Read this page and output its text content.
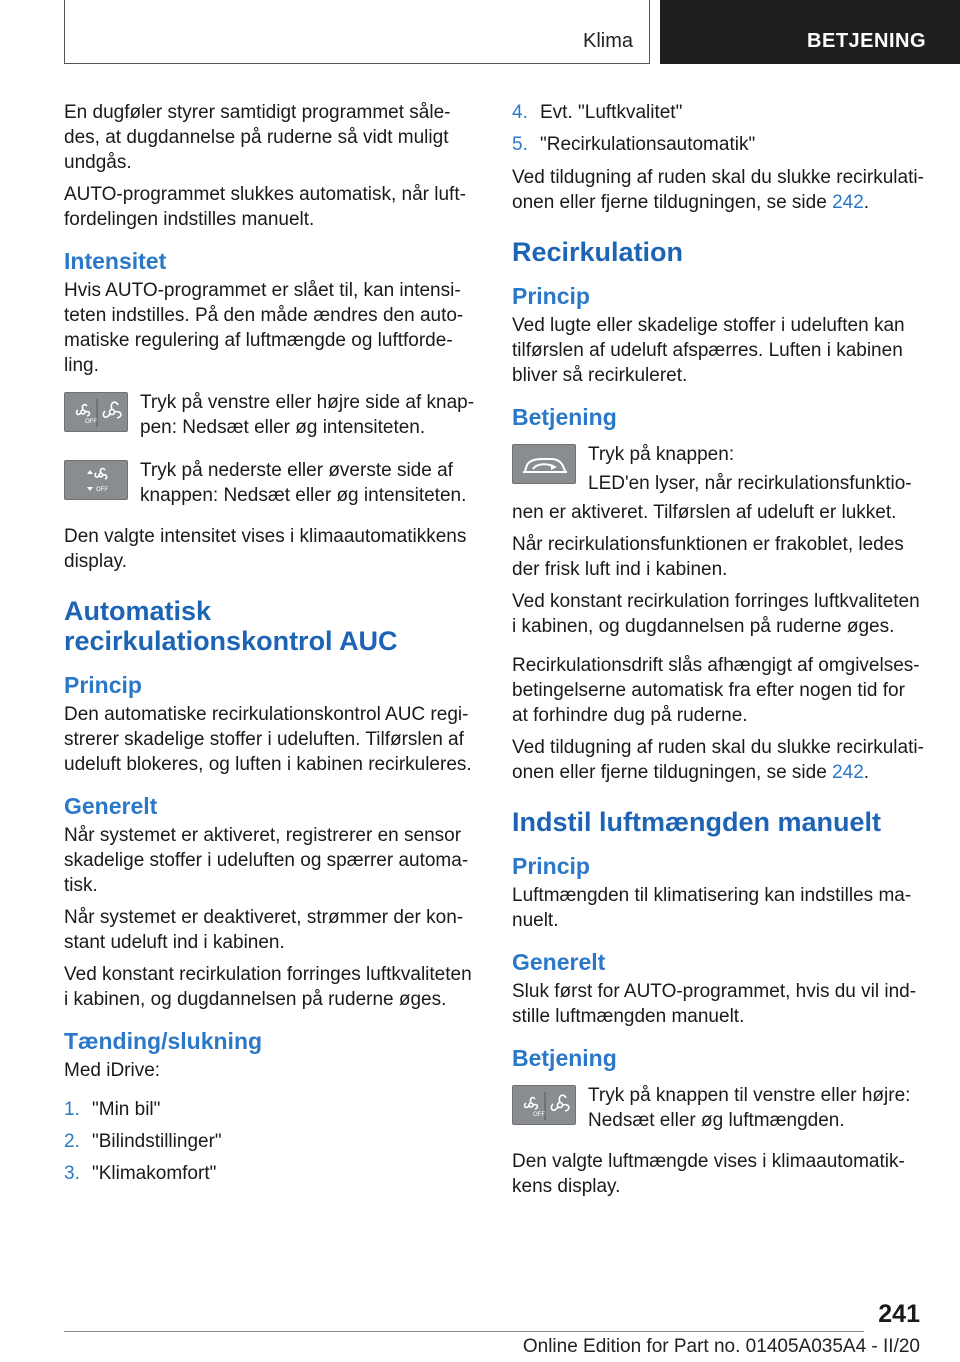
Klima	BETJENING

En dugføler styrer samtidigt programmet såle-des, at dugdannelse på ruderne så vidt muligt undgås.

AUTO-programmet slukkes automatisk, når luft-fordelingen indstilles manuelt.

Intensitet

Hvis AUTO-programmet er slået til, kan intensi-teten indstilles. På den måde ændres den auto-matiske regulering af luftmængde og luftforde-ling.

OFF

Tryk på venstre eller højre side af knap-pen: Nedsæt eller øg intensiteten.

OFF

Tryk på nederste eller øverste side af knappen: Nedsæt eller øg intensiteten.

Den valgte intensitet vises i klimaautomatikkens display.

Automatisk recirkulationskontrol AUC
Princip

Den automatiske recirkulationskontrol AUC regi-strerer skadelige stoffer i udeluften. Tilførslen af udeluft blokeres, og luften i kabinen recirkuleres.

Generelt

Når systemet er aktiveret, registrerer en sensor skadelige stoffer i udeluften og spærrer automa-tisk.

Når systemet er deaktiveret, strømmer der kon-stant udeluft ind i kabinen.

Ved konstant recirkulation forringes luftkvaliteten i kabinen, og dugdannelsen på ruderne øges.

Tænding/slukning

Med iDrive:

1. "Min bil"
2. "Bilindstillinger"
3. "Klimakomfort"
4. Evt. "Luftkvalitet"
5. "Recirkulationsautomatik"

Ved tildugning af ruden skal du slukke recirkulati-onen eller fjerne tildugningen, se side 242.

Recirkulation
Princip

Ved lugte eller skadelige stoffer i udeluften kan tilførslen af udeluft afspærres. Luften i kabinen bliver så recirkuleret.

Betjening

Tryk på knappen:

LED'en lyser, når recirkulationsfunktio-

nen er aktiveret. Tilførslen af udeluft er lukket.

Når recirkulationsfunktionen er frakoblet, ledes der frisk luft ind i kabinen.

Ved konstant recirkulation forringes luftkvaliteten i kabinen, og dugdannelsen på ruderne øges.

Recirkulationsdrift slås afhængigt af omgivelses-betingelserne automatisk fra efter nogen tid for at forhindre dug på ruderne.

Ved tildugning af ruden skal du slukke recirkulati-onen eller fjerne tildugningen, se side 242.

Indstil luftmængden manuelt
Princip

Luftmængden til klimatisering kan indstilles ma-nuelt.

Generelt

Sluk først for AUTO-programmet, hvis du vil ind-stille luftmængden manuelt.

Betjening
OFF

Tryk på knappen til venstre eller højre: Nedsæt eller øg luftmængden.

Den valgte luftmængde vises i klimaautomatik-kens display.

241
Online Edition for Part no. 01405A035A4 - II/20
